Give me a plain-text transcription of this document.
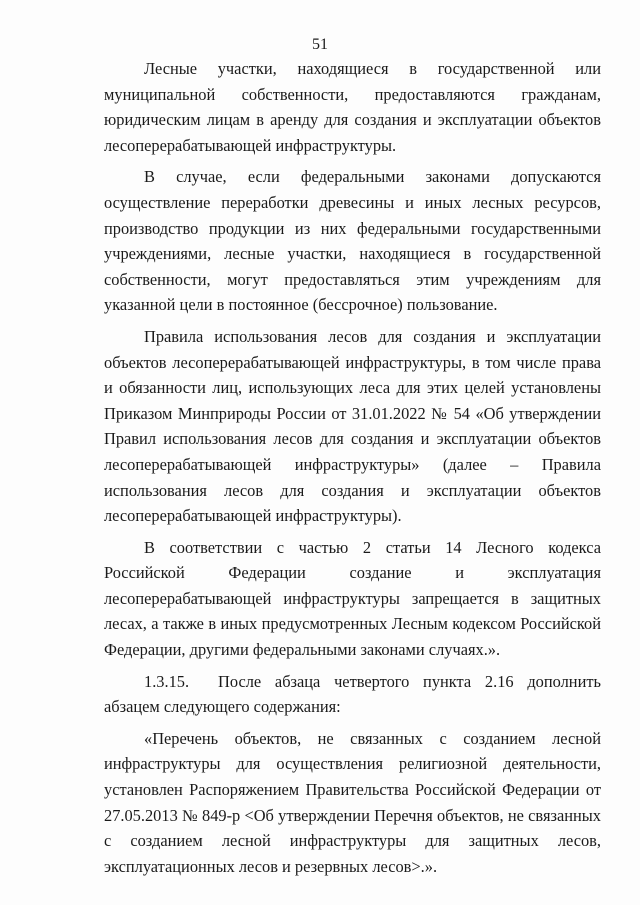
51

Лесные участки, находящиеся в государственной или муниципальной собственности, предоставляются гражданам, юридическим лицам в аренду для создания и эксплуатации объектов лесоперерабатывающей инфраструктуры.

В случае, если федеральными законами допускаются осуществление переработки древесины и иных лесных ресурсов, производство продукции из них федеральными государственными учреждениями, лесные участки, находящиеся в государственной собственности, могут предоставляться этим учреждениям для указанной цели в постоянное (бессрочное) пользование.

Правила использования лесов для создания и эксплуатации объектов лесоперерабатывающей инфраструктуры, в том числе права и обязанности лиц, использующих леса для этих целей установлены Приказом Минприроды России от 31.01.2022 № 54 «Об утверждении Правил использования лесов для создания и эксплуатации объектов лесоперерабатывающей инфраструктуры» (далее – Правила использования лесов для создания и эксплуатации объектов лесоперерабатывающей инфраструктуры).

В соответствии с частью 2 статьи 14 Лесного кодекса Российской Федерации создание и эксплуатация лесоперерабатывающей инфраструктуры запрещается в защитных лесах, а также в иных предусмотренных Лесным кодексом Российской Федерации, другими федеральными законами случаях.».

1.3.15. После абзаца четвертого пункта 2.16 дополнить абзацем следующего содержания:

«Перечень объектов, не связанных с созданием лесной инфраструктуры для осуществления религиозной деятельности, установлен Распоряжением Правительства Российской Федерации от 27.05.2013 № 849-р <Об утверждении Перечня объектов, не связанных с созданием лесной инфраструктуры для защитных лесов, эксплуатационных лесов и резервных лесов>.».
